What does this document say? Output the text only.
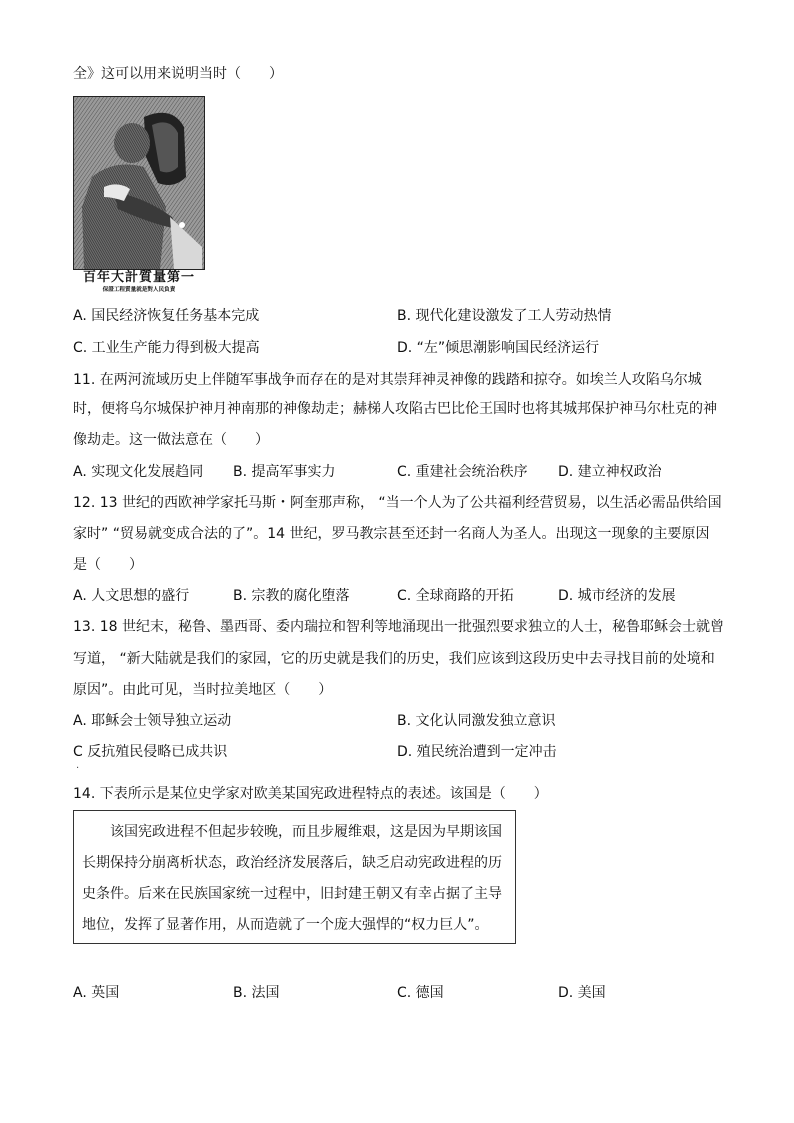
全》这可以用来说明当时（　　）
百年大計質量第一
保證工程質量就是對人民負責
A. 国民经济恢复任务基本完成	B. 现代化建设激发了工人劳动热情
C. 工业生产能力得到极大提高	D. “左”倾思潮影响国民经济运行
11. 在两河流域历史上伴随军事战争而存在的是对其崇拜神灵神像的践踏和掠夺。如埃兰人攻陷乌尔城
时，便将乌尔城保护神月神南那的神像劫走；赫梯人攻陷古巴比伦王国时也将其城邦保护神马尔杜克的神
像劫走。这一做法意在（　　）
A. 实现文化发展趋同 B. 提高军事实力	C. 重建社会统治秩序 D. 建立神权政治
12. 13 世纪的西欧神学家托马斯・阿奎那声称， “当一个人为了公共福利经营贸易，以生活必需品供给国
家时” “贸易就变成合法的了”。14 世纪，罗马教宗甚至还封一名商人为圣人。出现这一现象的主要原因
是（　　）
A. 人文思想的盛行	B. 宗教的腐化堕落	C. 全球商路的开拓	D. 城市经济的发展
13. 18 世纪末，秘鲁、墨西哥、委内瑞拉和智利等地涌现出一批强烈要求独立的人士，秘鲁耶稣会士就曾
写道， “新大陆就是我们的家园，它的历史就是我们的历史，我们应该到这段历史中去寻找目前的处境和
原因”。由此可见，当时拉美地区（　　）
A. 耶稣会士领导独立运动	B. 文化认同激发独立意识
C 反抗殖民侵略已成共识	D. 殖民统治遭到一定冲击
·
14. 下表所示是某位史学家对欧美某国宪政进程特点的表述。该国是（　　）
　　该国宪政进程不但起步较晚，而且步履维艰，这是因为早期该国
长期保持分崩离析状态，政治经济发展落后，缺乏启动宪政进程的历
史条件。后来在民族国家统一过程中，旧封建王朝又有幸占据了主导
地位，发挥了显著作用，从而造就了一个庞大强悍的“权力巨人”。
A. 英国	B. 法国	C. 德国	D. 美国
